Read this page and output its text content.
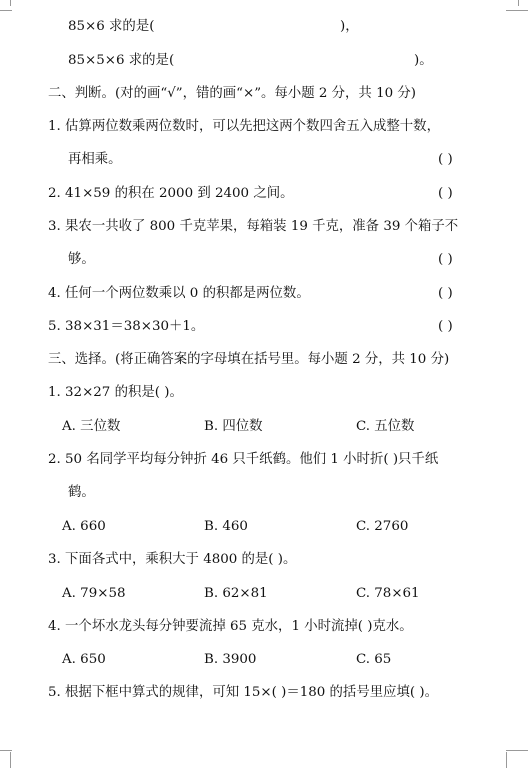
85×6 求的是(	)，
85×5×6 求的是(	)。
二、判断。(对的画“√”，错的画“×”。每小题 2 分，共 10 分)
1. 估算两位数乘两位数时，可以先把这两个数四舍五入成整十数，
再相乘。	( )
2. 41×59 的积在 2000 到 2400 之间。	( )
3. 果农一共收了 800 千克苹果，每箱装 19 千克，准备 39 个箱子不
够。	( )
4. 任何一个两位数乘以 0 的积都是两位数。	( )
5. 38×31＝38×30＋1。	( )
三、选择。(将正确答案的字母填在括号里。每小题 2 分，共 10 分)
1. 32×27 的积是( )。
A. 三位数	B. 四位数	C. 五位数
2. 50 名同学平均每分钟折 46 只千纸鹤。他们 1 小时折( )只千纸
鹤。
A. 660	B. 460	C. 2760
3. 下面各式中，乘积大于 4800 的是( )。
A. 79×58	B. 62×81	C. 78×61
4. 一个坏水龙头每分钟要流掉 65 克水，1 小时流掉( )克水。
A. 650	B. 3900	C. 65
5. 根据下框中算式的规律，可知 15×( )＝180 的括号里应填( )。
